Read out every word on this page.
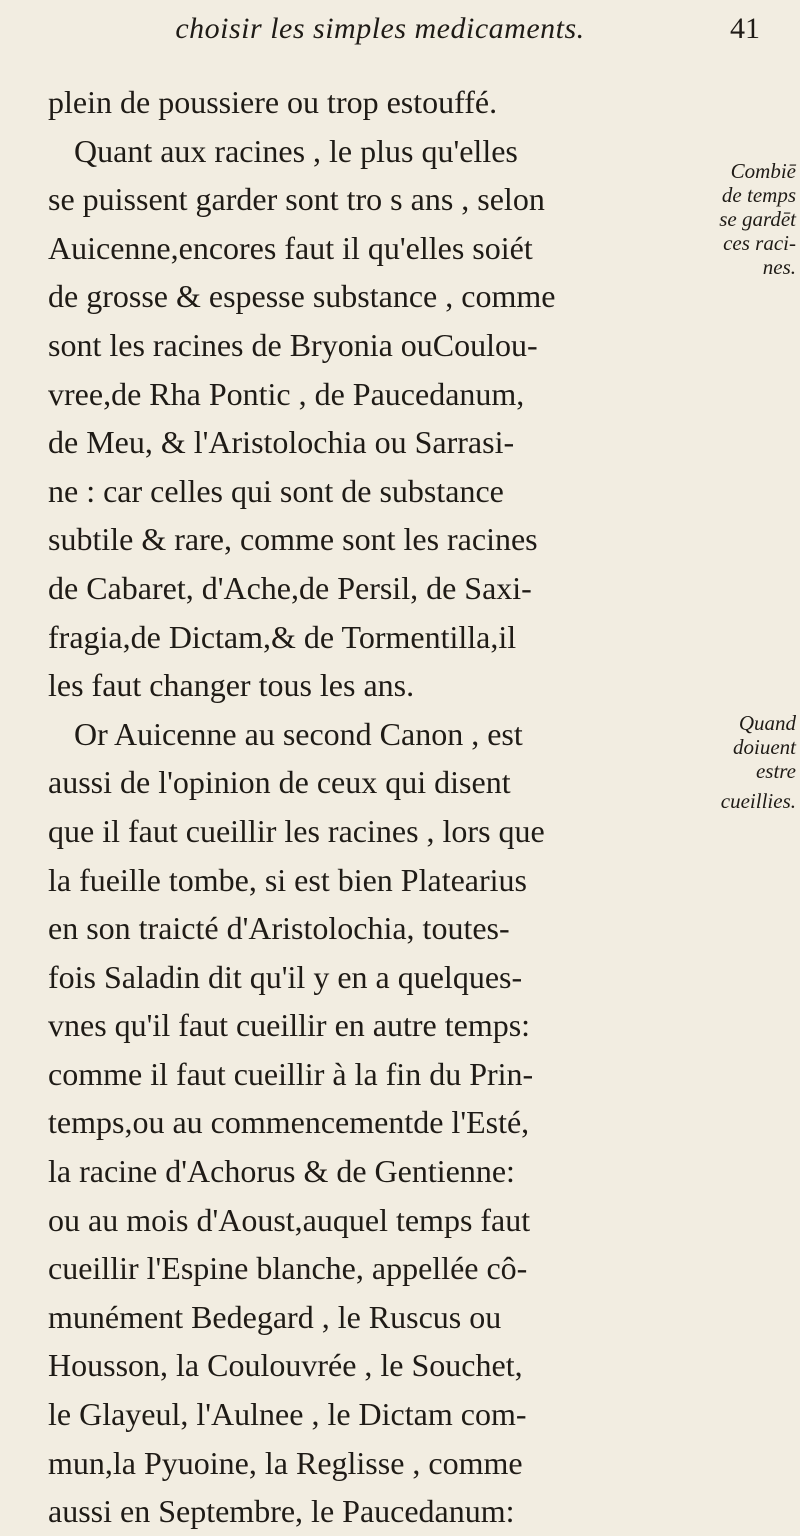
choisir les simples medicaments.	41
plein de poussiere ou trop estouffé.
Quant aux racines , le plus qu'elles
se puissent garder sont tro s ans , selon
Auicenne,encores faut il qu'elles soiét
de grosse & espesse substance , comme
sont les racines de Bryonia ouCoulou-
vree,de Rha Pontic , de Paucedanum,
de Meu, & l'Aristolochia ou Sarrasi-
ne : car celles qui sont de substance
subtile & rare, comme sont les racines
de Cabaret, d'Ache,de Persil, de Saxi-
fragia,de Dictam,& de Tormentilla,il
les faut changer tous les ans.
Or Auicenne au second Canon , est
aussi de l'opinion de ceux qui disent
que il faut cueillir les racines , lors que
la fueille tombe, si est bien Platearius
en son traicté d'Aristolochia, toutes-
fois Saladin dit qu'il y en a quelques-
vnes qu'il faut cueillir en autre temps:
comme il faut cueillir à la fin du Prin-
temps,ou au commencementde l'Esté,
la racine d'Achorus & de Gentienne:
ou au mois d'Aoust,auquel temps faut
cueillir l'Espine blanche, appellée cô-
munément Bedegard , le Ruscus ou
Housson, la Coulouvrée , le Souchet,
le Glayeul, l'Aulnee , le Dictam com-
mun,la Pyuoine, la Reglisse , comme
aussi en Septembre, le Paucedanum:
Combiē
de temps
se gardēt
ces raci-
nes.
Quand
doiuent
estre
cueillies.
